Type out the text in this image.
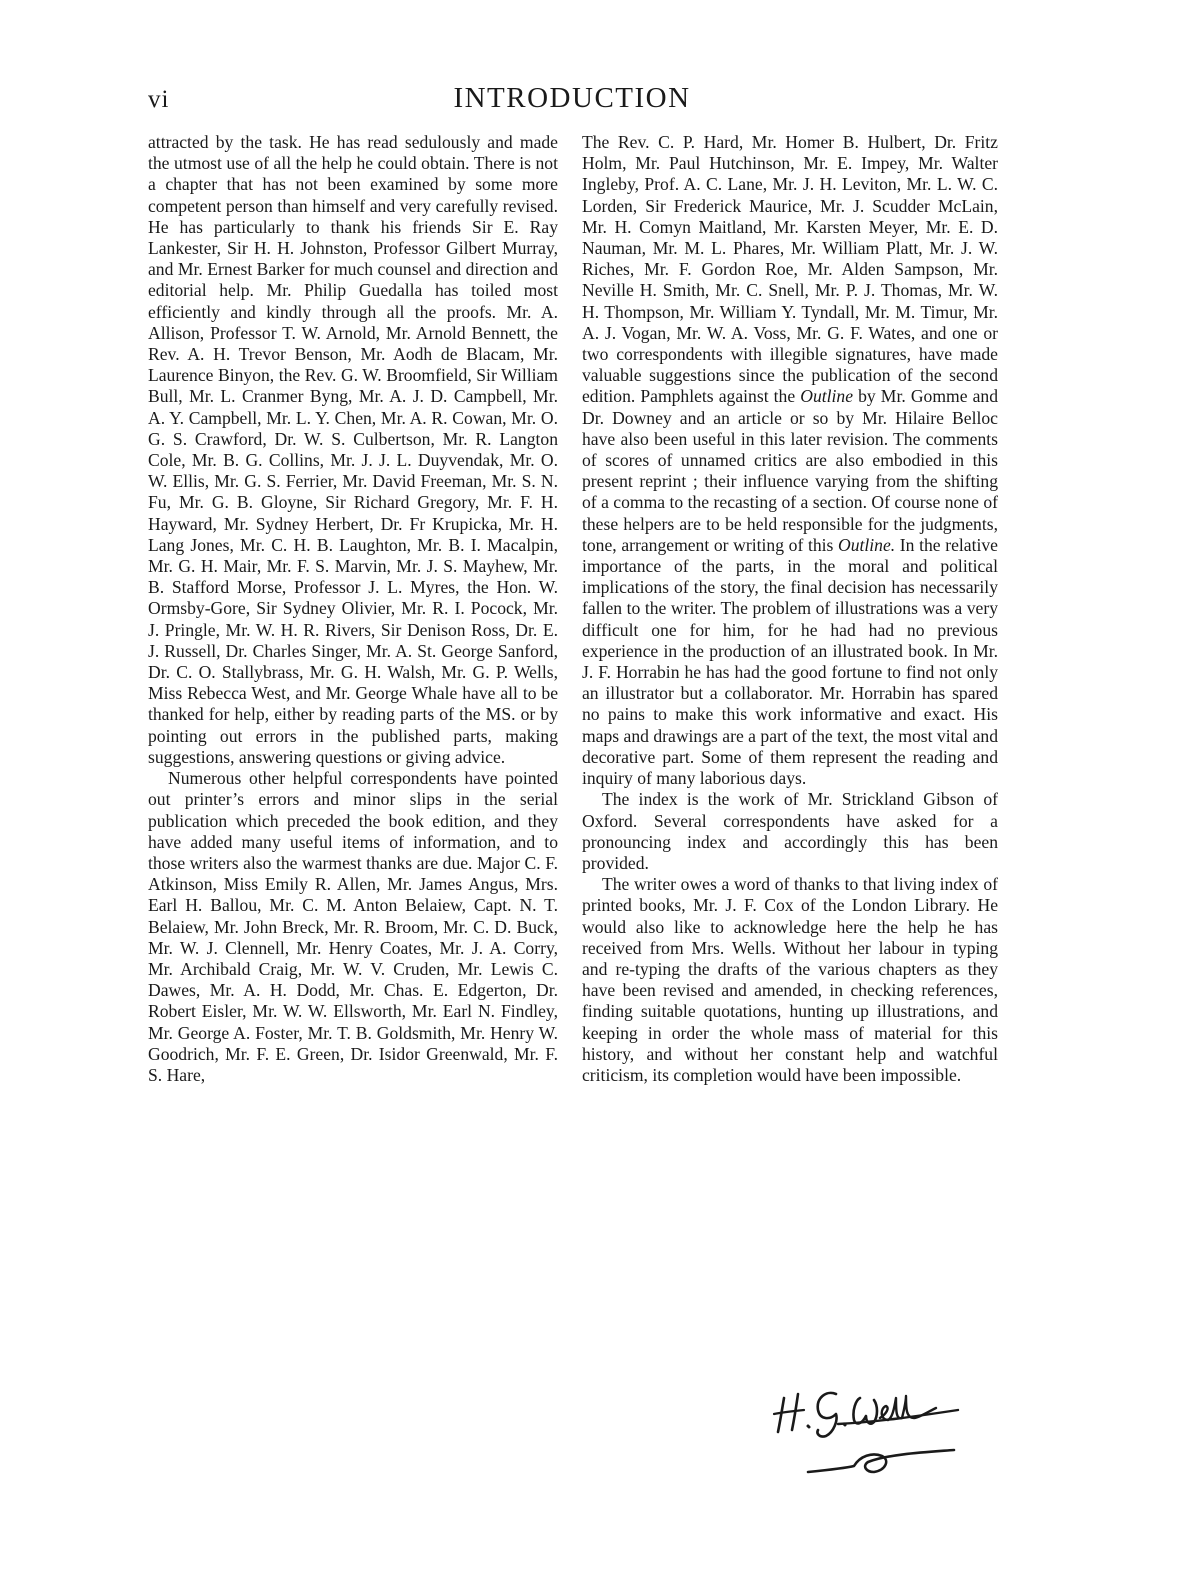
vi	INTRODUCTION

attracted by the task. He has read sedulously and made the utmost use of all the help he could obtain. There is not a chapter that has not been examined by some more competent person than himself and very carefully revised. He has particularly to thank his friends Sir E. Ray Lankester, Sir H. H. Johnston, Professor Gilbert Murray, and Mr. Ernest Barker for much counsel and direction and editorial help. Mr. Philip Guedalla has toiled most efficiently and kindly through all the proofs. Mr. A. Allison, Professor T. W. Arnold, Mr. Arnold Bennett, the Rev. A. H. Trevor Benson, Mr. Aodh de Blacam, Mr. Laurence Binyon, the Rev. G. W. Broomfield, Sir William Bull, Mr. L. Cranmer Byng, Mr. A. J. D. Campbell, Mr. A. Y. Campbell, Mr. L. Y. Chen, Mr. A. R. Cowan, Mr. O. G. S. Crawford, Dr. W. S. Culbertson, Mr. R. Langton Cole, Mr. B. G. Collins, Mr. J. J. L. Duyvendak, Mr. O. W. Ellis, Mr. G. S. Ferrier, Mr. David Freeman, Mr. S. N. Fu, Mr. G. B. Gloyne, Sir Richard Gregory, Mr. F. H. Hayward, Mr. Sydney Herbert, Dr. Fr Krupicka, Mr. H. Lang Jones, Mr. C. H. B. Laughton, Mr. B. I. Macalpin, Mr. G. H. Mair, Mr. F. S. Marvin, Mr. J. S. Mayhew, Mr. B. Stafford Morse, Professor J. L. Myres, the Hon. W. Ormsby-Gore, Sir Sydney Olivier, Mr. R. I. Pocock, Mr. J. Pringle, Mr. W. H. R. Rivers, Sir Denison Ross, Dr. E. J. Russell, Dr. Charles Singer, Mr. A. St. George Sanford, Dr. C. O. Stallybrass, Mr. G. H. Walsh, Mr. G. P. Wells, Miss Rebecca West, and Mr. George Whale have all to be thanked for help, either by reading parts of the MS. or by pointing out errors in the published parts, making suggestions, answering questions or giving advice.

Numerous other helpful correspondents have pointed out printer’s errors and minor slips in the serial publication which preceded the book edition, and they have added many useful items of information, and to those writers also the warmest thanks are due. Major C. F. Atkinson, Miss Emily R. Allen, Mr. James Angus, Mrs. Earl H. Ballou, Mr. C. M. Anton Belaiew, Capt. N. T. Belaiew, Mr. John Breck, Mr. R. Broom, Mr. C. D. Buck, Mr. W. J. Clennell, Mr. Henry Coates, Mr. J. A. Corry, Mr. Archibald Craig, Mr. W. V. Cruden, Mr. Lewis C. Dawes, Mr. A. H. Dodd, Mr. Chas. E. Edgerton, Dr. Robert Eisler, Mr. W. W. Ellsworth, Mr. Earl N. Findley, Mr. George A. Foster, Mr. T. B. Goldsmith, Mr. Henry W. Goodrich, Mr. F. E. Green, Dr. Isidor Greenwald, Mr. F. S. Hare,

The Rev. C. P. Hard, Mr. Homer B. Hulbert, Dr. Fritz Holm, Mr. Paul Hutchinson, Mr. E. Impey, Mr. Walter Ingleby, Prof. A. C. Lane, Mr. J. H. Leviton, Mr. L. W. C. Lorden, Sir Frederick Maurice, Mr. J. Scudder McLain, Mr. H. Comyn Maitland, Mr. Karsten Meyer, Mr. E. D. Nauman, Mr. M. L. Phares, Mr. William Platt, Mr. J. W. Riches, Mr. F. Gordon Roe, Mr. Alden Sampson, Mr. Neville H. Smith, Mr. C. Snell, Mr. P. J. Thomas, Mr. W. H. Thompson, Mr. William Y. Tyndall, Mr. M. Timur, Mr. A. J. Vogan, Mr. W. A. Voss, Mr. G. F. Wates, and one or two correspondents with illegible signatures, have made valuable suggestions since the publication of the second edition. Pamphlets against the Outline by Mr. Gomme and Dr. Downey and an article or so by Mr. Hilaire Belloc have also been useful in this later revision. The comments of scores of unnamed critics are also embodied in this present reprint ; their influence varying from the shifting of a comma to the recasting of a section. Of course none of these helpers are to be held responsible for the judgments, tone, arrangement or writing of this Outline. In the relative importance of the parts, in the moral and political implications of the story, the final decision has necessarily fallen to the writer. The problem of illustrations was a very difficult one for him, for he had had no previous experience in the production of an illustrated book. In Mr. J. F. Horrabin he has had the good fortune to find not only an illustrator but a collaborator. Mr. Horrabin has spared no pains to make this work informative and exact. His maps and drawings are a part of the text, the most vital and decorative part. Some of them represent the reading and inquiry of many laborious days.

The index is the work of Mr. Strickland Gibson of Oxford. Several correspondents have asked for a pronouncing index and accordingly this has been provided.

The writer owes a word of thanks to that living index of printed books, Mr. J. F. Cox of the London Library. He would also like to acknowledge here the help he has received from Mrs. Wells. Without her labour in typing and re-typing the drafts of the various chapters as they have been revised and amended, in checking references, finding suitable quotations, hunting up illustrations, and keeping in order the whole mass of material for this history, and without her constant help and watchful criticism, its completion would have been impossible.
